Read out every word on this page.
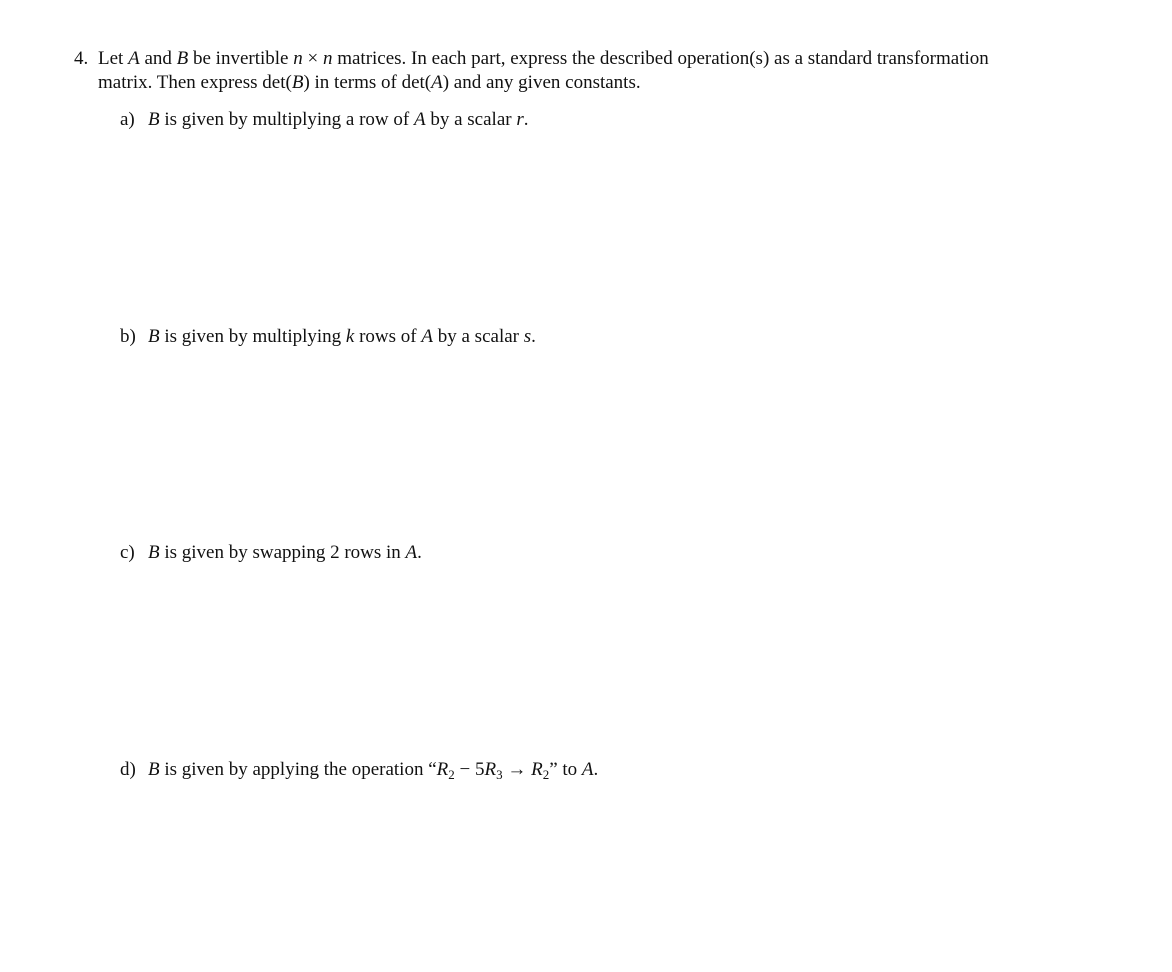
4. Let A and B be invertible n × n matrices. In each part, express the described operation(s) as a standard transformation
matrix. Then express det(B) in terms of det(A) and any given constants.
a) B is given by multiplying a row of A by a scalar r.
b) B is given by multiplying k rows of A by a scalar s.
c) B is given by swapping 2 rows in A.
d) B is given by applying the operation “$R_2 - 5R_3 \to R_2$” to A.
